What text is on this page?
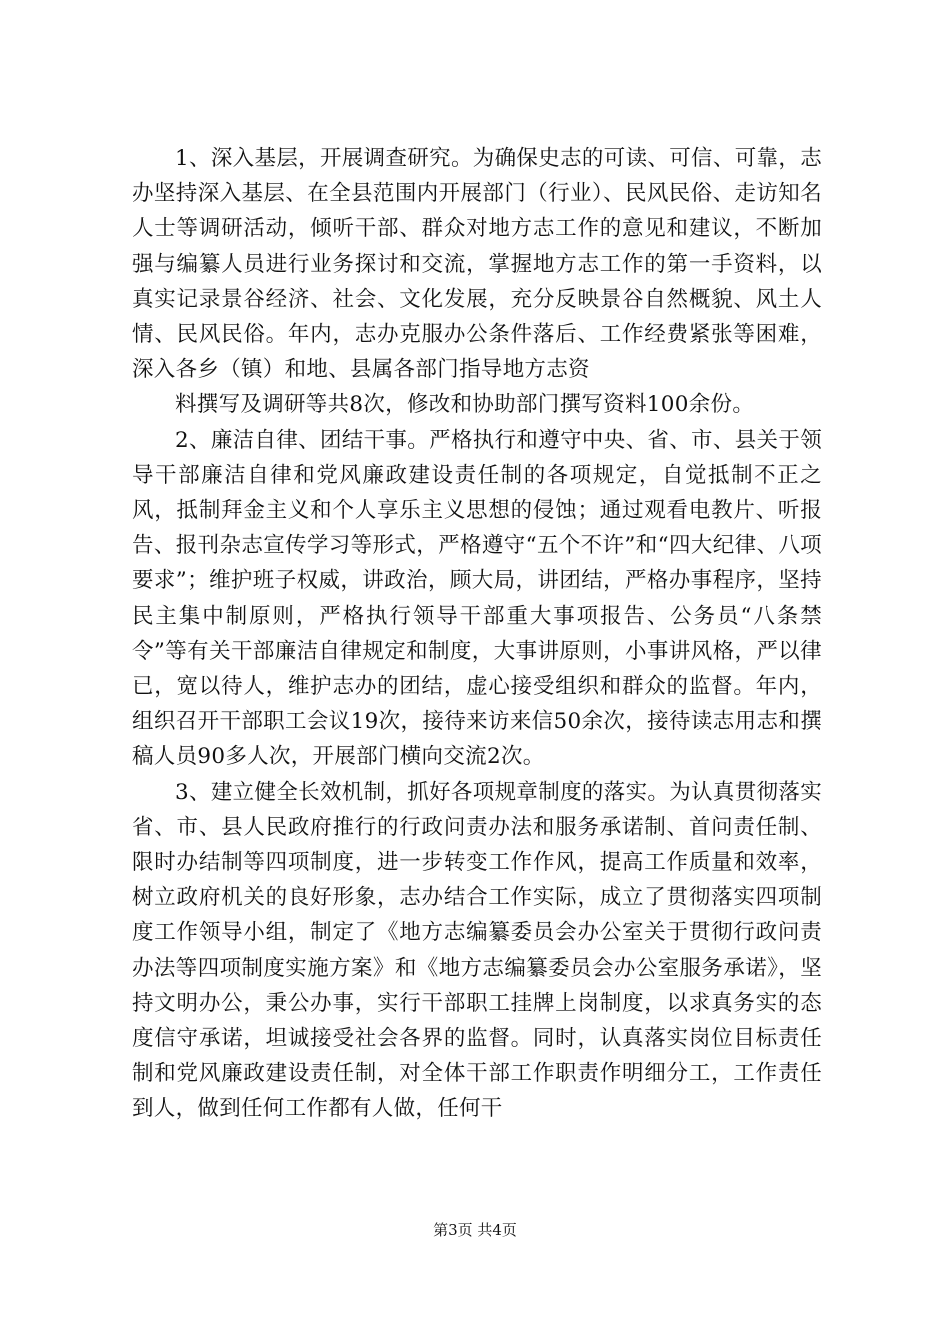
1、深入基层，开展调查研究。为确保史志的可读、可信、可靠，志办坚持深入基层、在全县范围内开展部门（行业）、民风民俗、走访知名人士等调研活动，倾听干部、群众对地方志工作的意见和建议，不断加强与编纂人员进行业务探讨和交流，掌握地方志工作的第一手资料，以真实记录景谷经济、社会、文化发展，充分反映景谷自然概貌、风土人情、民风民俗。年内，志办克服办公条件落后、工作经费紧张等困难，深入各乡（镇）和地、县属各部门指导地方志资

料撰写及调研等共8次，修改和协助部门撰写资料100余份。

2、廉洁自律、团结干事。严格执行和遵守中央、省、市、县关于领导干部廉洁自律和党风廉政建设责任制的各项规定，自觉抵制不正之风，抵制拜金主义和个人享乐主义思想的侵蚀；通过观看电教片、听报告、报刊杂志宣传学习等形式，严格遵守“五个不许”和“四大纪律、八项要求”；维护班子权威，讲政治，顾大局，讲团结，严格办事程序，坚持民主集中制原则，严格执行领导干部重大事项报告、公务员“八条禁令”等有关干部廉洁自律规定和制度，大事讲原则，小事讲风格，严以律已，宽以待人，维护志办的团结，虚心接受组织和群众的监督。年内，组织召开干部职工会议19次，接待来访来信50余次，接待读志用志和撰稿人员90多人次，开展部门横向交流2次。

3、建立健全长效机制，抓好各项规章制度的落实。为认真贯彻落实省、市、县人民政府推行的行政问责办法和服务承诺制、首问责任制、限时办结制等四项制度，进一步转变工作作风，提高工作质量和效率，树立政府机关的良好形象，志办结合工作实际，成立了贯彻落实四项制度工作领导小组，制定了《地方志编纂委员会办公室关于贯彻行政问责办法等四项制度实施方案》和《地方志编纂委员会办公室服务承诺》，坚持文明办公，秉公办事，实行干部职工挂牌上岗制度，以求真务实的态度信守承诺，坦诚接受社会各界的监督。同时，认真落实岗位目标责任制和党风廉政建设责任制，对全体干部工作职责作明细分工，工作责任到人，做到任何工作都有人做，任何干

第3页 共4页
